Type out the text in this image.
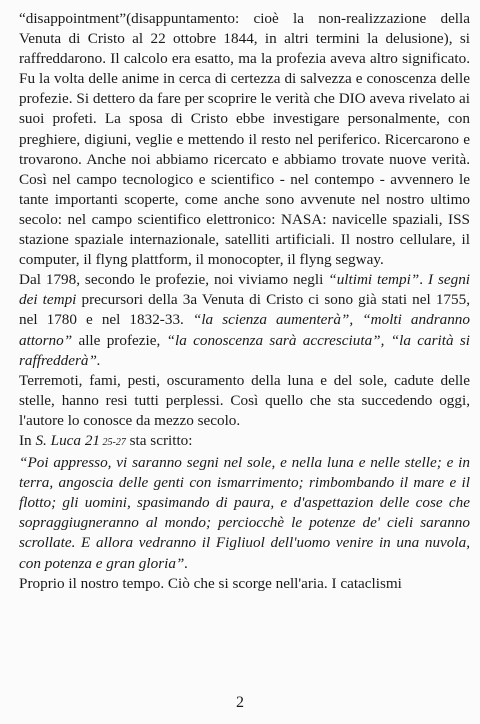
“disappointment”(disappuntamento: cioè la non-realizzazione della Venuta di Cristo al 22 ottobre 1844, in altri termini la delusione), si raffreddarono. Il calcolo era esatto, ma la profezia aveva altro significato. Fu la volta delle anime in cerca di certezza di salvezza e conoscenza delle profezie. Si dettero da fare per scoprire le verità che DIO aveva rivelato ai suoi profeti. La sposa di Cristo ebbe investigare personalmente, con preghiere, digiuni, veglie e mettendo il resto nel periferico. Ricercarono e trovarono. Anche noi abbiamo ricercato e abbiamo trovate nuove verità. Così nel campo tecnologico e scientifico - nel contempo - avvennero le tante importanti scoperte, come anche sono avvenute nel nostro ultimo secolo: nel campo scientifico elettronico: NASA: navicelle spaziali, ISS stazione spaziale internazionale, satelliti artificiali. Il nostro cellulare, il computer, il flyng plattform, il monocopter, il flyng segway.

Dal 1798, secondo le profezie, noi viviamo negli “ultimi tempi”. I segni dei tempi precursori della 3a Venuta di Cristo ci sono già stati nel 1755, nel 1780 e nel 1832-33. “la scienza aumenterà”, “molti andranno attorno” alle profezie, “la conoscenza sarà accresciuta”, “la carità si raffredderà”.

Terremoti, fami, pesti, oscuramento della luna e del sole, cadute delle stelle, hanno resi tutti perplessi. Così quello che sta succedendo oggi, l'autore lo conosce da mezzo secolo.

In S. Luca 21 25-27 sta scritto:

“Poi appresso, vi saranno segni nel sole, e nella luna e nelle stelle; e in terra, angoscia delle genti con ismarrimento; rimbombando il mare e il flotto; gli uomini, spasimando di paura, e d'aspettazion delle cose che sopraggiugneranno al mondo; perciocchè le potenze de' cieli saranno scrollate. E allora vedranno il Figliuol dell'uomo venire in una nuvola, con potenza e gran gloria”.

Proprio il nostro tempo. Ciò che si scorge nell'aria. I cataclismi

2
